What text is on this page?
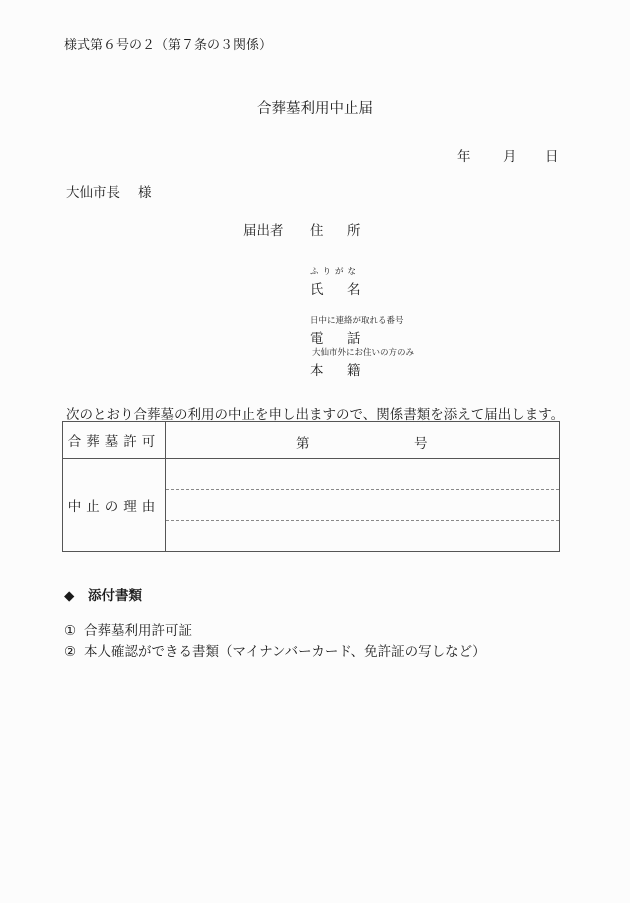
様式第６号の２（第７条の３関係）
合葬墓利用中止届
年 月 日
大仙市長 様
届出者 住 所
ふりがな
氏 名
日中に連絡が取れる番号
電 話
大仙市外にお住いの方のみ
本 籍
次のとおり合葬墓の利用の中止を申し出ますので、関係書類を添えて届出します。
合葬墓許可	第 号

中止の理由	
◆ 添付書類
① 合葬墓利用許可証
② 本人確認ができる書類（マイナンバーカード、免許証の写しなど）
